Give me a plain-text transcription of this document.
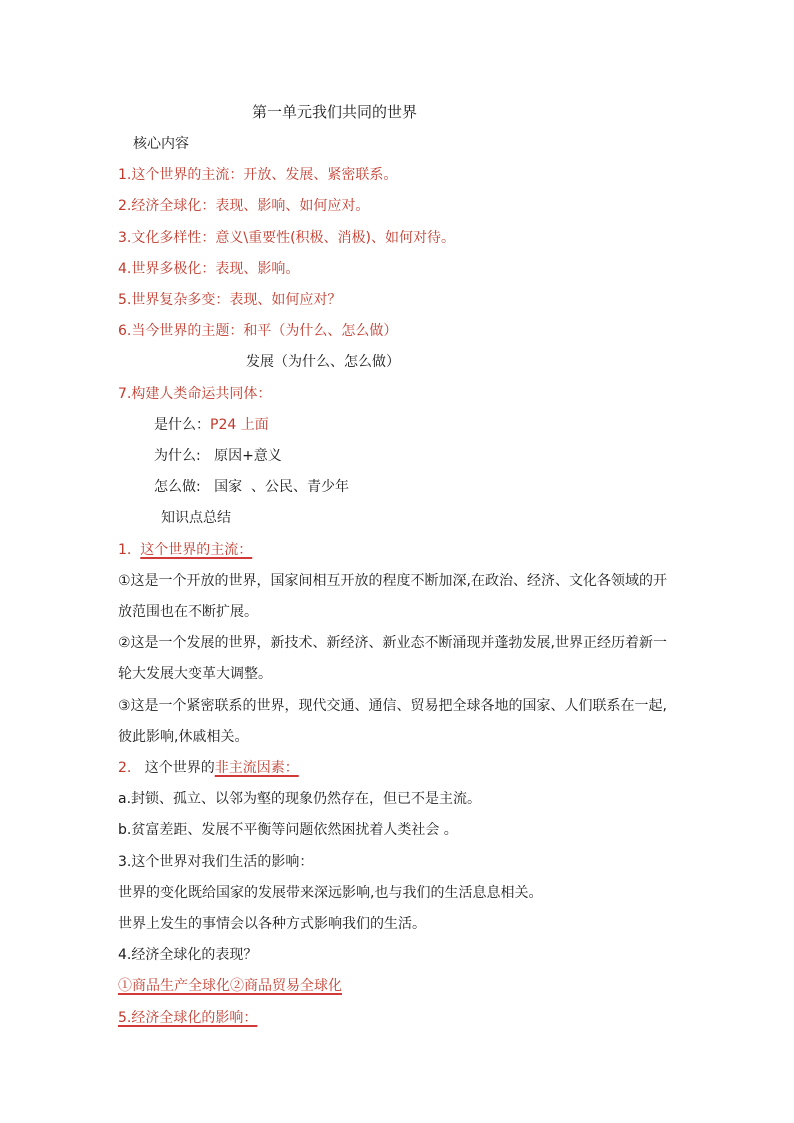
第一单元我们共同的世界
核心内容
1.这个世界的主流：开放、发展、紧密联系。
2.经济全球化：表现、影响、如何应对。
3.文化多样性：意义\重要性(积极、消极)、如何对待。
4.世界多极化：表现、影响。
5.世界复杂多变：表现、如何应对？
6.当今世界的主题：和平（为什么、怎么做）
发展（为什么、怎么做）
7.构建人类命运共同体：
是什么：P24 上面
为什么:   原因+意义
怎么做:   国家  、公民、青少年
知识点总结
1. 这个世界的主流：
①这是一个开放的世界，国家间相互开放的程度不断加深,在政治、经济、文化各领域的开
放范围也在不断扩展。
②这是一个发展的世界，新技术、新经济、新业态不断涌现并蓬勃发展,世界正经历着新一
轮大发展大变革大调整。
③这是一个紧密联系的世界，现代交通、通信、贸易把全球各地的国家、人们联系在一起,
彼此影响,休戚相关。
2. 这个世界的非主流因素：
a.封锁、孤立、以邻为壑的现象仍然存在，但已不是主流。
b.贫富差距、发展不平衡等问题依然困扰着人类社会 。
3.这个世界对我们生活的影响：
世界的变化既给国家的发展带来深远影响,也与我们的生活息息相关。
世界上发生的事情会以各种方式影响我们的生活。
4.经济全球化的表现？
①商品生产全球化②商品贸易全球化
5.经济全球化的影响：
